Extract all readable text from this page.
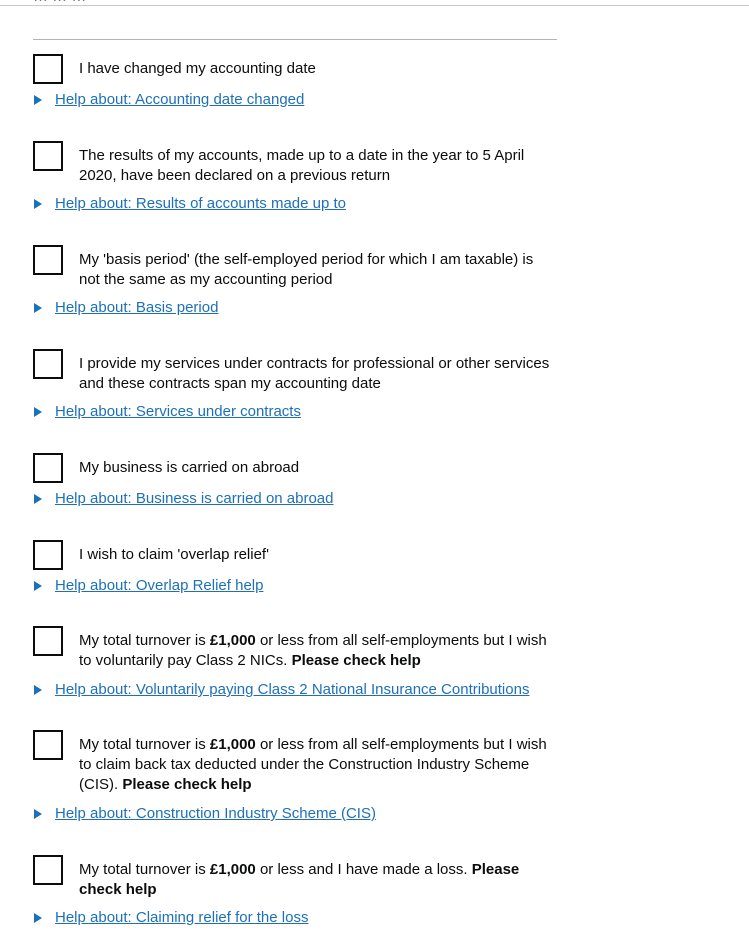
I have changed my accounting date
Help about: Accounting date changed
The results of my accounts, made up to a date in the year to 5 April 2020, have been declared on a previous return
Help about: Results of accounts made up to
My 'basis period' (the self-employed period for which I am taxable) is not the same as my accounting period
Help about: Basis period
I provide my services under contracts for professional or other services and these contracts span my accounting date
Help about: Services under contracts
My business is carried on abroad
Help about: Business is carried on abroad
I wish to claim 'overlap relief'
Help about: Overlap Relief help
My total turnover is £1,000 or less from all self-employments but I wish to voluntarily pay Class 2 NICs. Please check help
Help about: Voluntarily paying Class 2 National Insurance Contributions
My total turnover is £1,000 or less from all self-employments but I wish to claim back tax deducted under the Construction Industry Scheme (CIS). Please check help
Help about: Construction Industry Scheme (CIS)
My total turnover is £1,000 or less and I have made a loss. Please check help
Help about: Claiming relief for the loss
